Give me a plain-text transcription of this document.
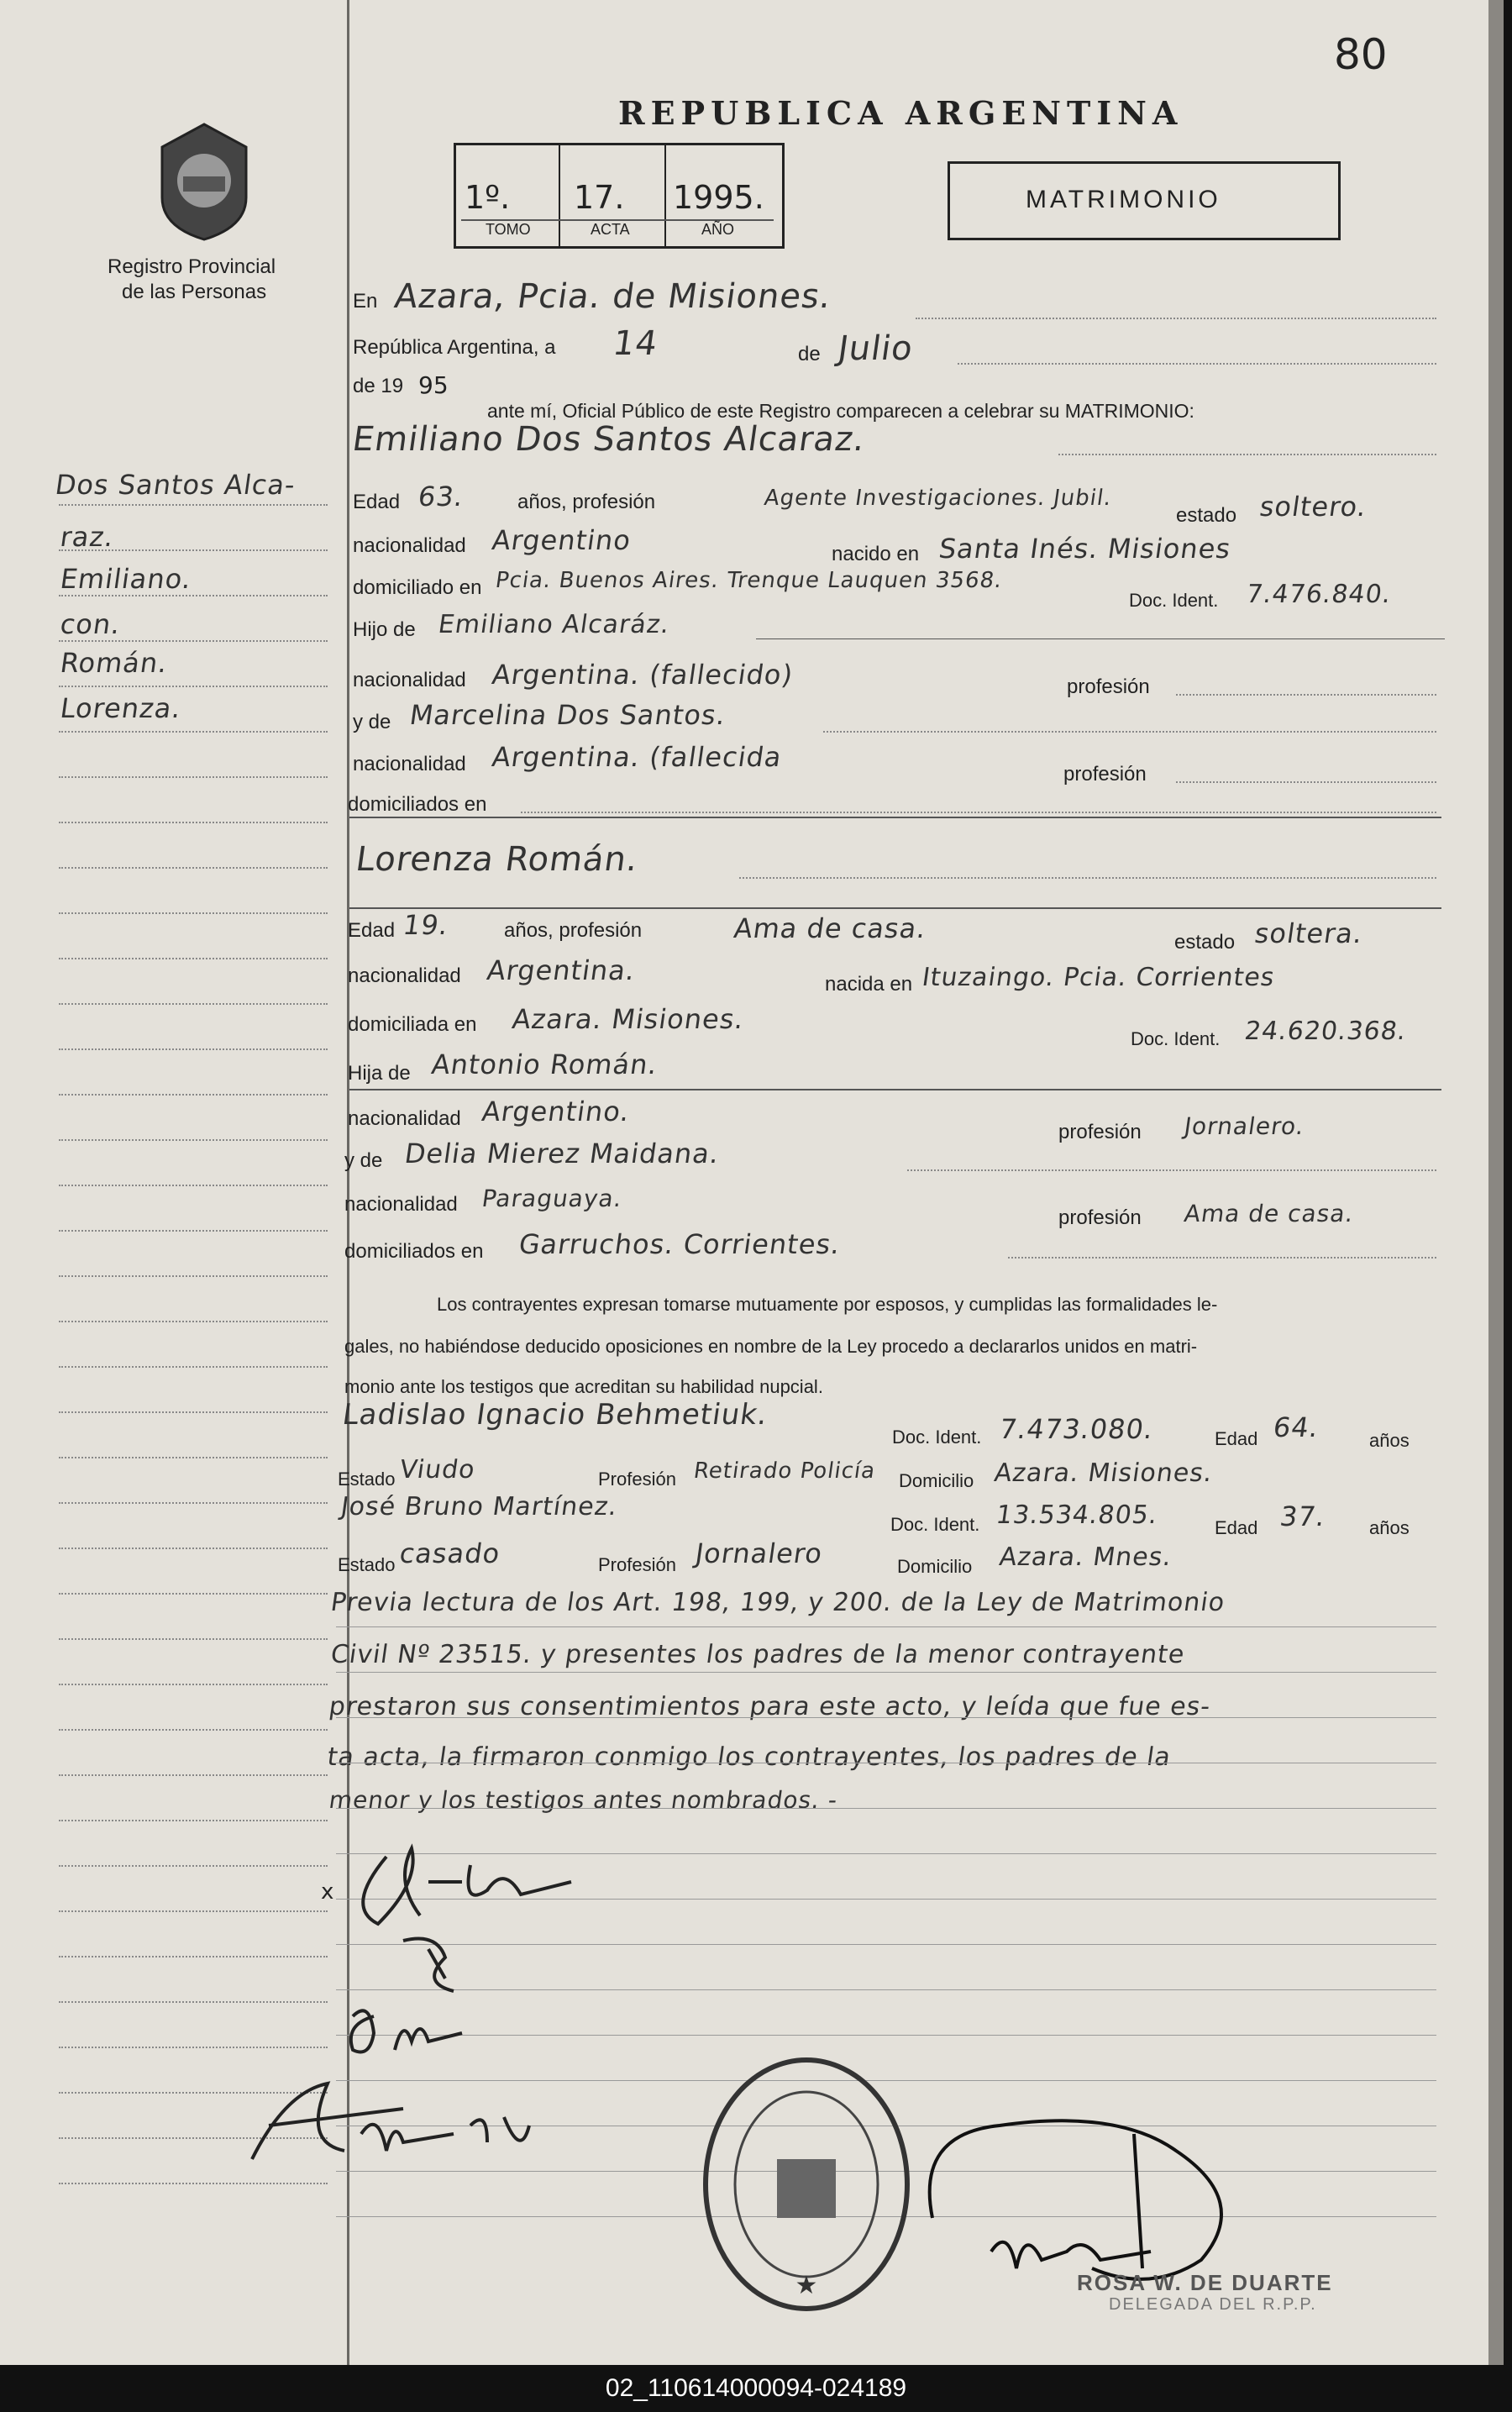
80
Registro Provincial
de las Personas
REPUBLICA ARGENTINA
1º. 17. 1995.
TOMO	ACTA	AÑO
MATRIMONIO
Dos Santos Alca-
raz.
Emiliano.
con.
Román.
Lorenza.
En Azara, Pcia. de Misiones.
República Argentina, a 14	de Julio
de 19 95
ante mí, Oficial Público de este Registro comparecen a celebrar su MATRIMONIO:
Emiliano Dos Santos Alcaraz.
Edad 63.	años, profesión	Agente Investigaciones. Jubil.
estado soltero.
nacionalidad Argentino	nacido en Santa Inés. Misiones
domiciliado en Pcia. Buenos Aires. Trenque Lauquen 3568.
Doc. Ident. 7.476.840.
Hijo de Emiliano Alcaráz.
nacionalidad Argentina. (fallecido)	profesión
y de Marcelina Dos Santos.
nacionalidad Argentina. (fallecida
profesión
domiciliados en
Lorenza Román.
Edad 19.	años, profesión	Ama de casa.	estado soltera.
nacionalidad Argentina.	nacida en Ituzaingo. Pcia. Corrientes
domiciliada en Azara. Misiones.
Doc. Ident. 24.620.368.
Hija de Antonio Román.
nacionalidad Argentino.
profesión Jornalero.
y de Delia Mierez Maidana.
nacionalidad Paraguaya.
profesión Ama de casa.
domiciliados en Garruchos. Corrientes.
Los contrayentes expresan tomarse mutuamente por esposos, y cumplidas las formalidades le-
gales, no habiéndose deducido oposiciones en nombre de la Ley procedo a declararlos unidos en matri-
monio ante los testigos que acreditan su habilidad nupcial.
Ladislao Ignacio Behmetiuk.
Doc. Ident. 7.473.080.	Edad 64.	años
Estado Viudo	Profesión Retirado Policía Domicilio Azara. Misiones.
José Bruno Martínez.
Doc. Ident. 13.534.805.	Edad 37. años
Estado casado	Profesión Jornalero	Domicilio Azara. Mnes.
Previa lectura de los Art. 198, 199, y 200. de la Ley de Matrimonio
Civil Nº 23515. y presentes los padres de la menor contrayente
prestaron sus consentimientos para este acto, y leída que fue es-
ta acta, la firmaron conmigo los contrayentes, los padres de la
menor y los testigos antes nombrados. -
x
★	ROSA W. DE DUARTE
DELEGADA DEL R.P.P.
02_110614000094-024189
